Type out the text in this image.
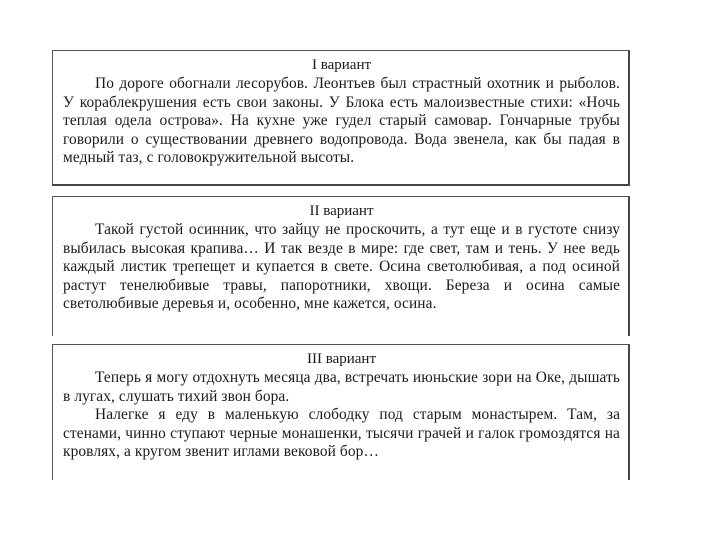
I вариант

По дороге обогнали лесорубов. Леонтьев был страстный охотник и рыболов. У кораблекрушения есть свои законы. У Блока есть малоизвестные стихи: «Ночь теплая одела острова». На кухне уже гудел старый самовар. Гончарные трубы говорили о существовании древнего водопровода. Вода звенела, как бы падая в медный таз, с головокружительной высоты.

II вариант

Такой густой осинник, что зайцу не проскочить, а тут еще и в густоте снизу выбилась высокая крапива… И так везде в мире: где свет, там и тень. У нее ведь каждый листик трепещет и купается в свете. Осина светолюбивая, а под осиной растут тенелюбивые травы, папоротники, хвощи. Береза и осина самые светолюбивые деревья и, особенно, мне кажется, осина.

III вариант

Теперь я могу отдохнуть месяца два, встречать июньские зори на Оке, дышать в лугах, слушать тихий звон бора.

Налегке я еду в маленькую слободку под старым монастырем. Там, за стенами, чинно ступают черные монашенки, тысячи грачей и галок громоздятся на кровлях, а кругом звенит иглами вековой бор…
